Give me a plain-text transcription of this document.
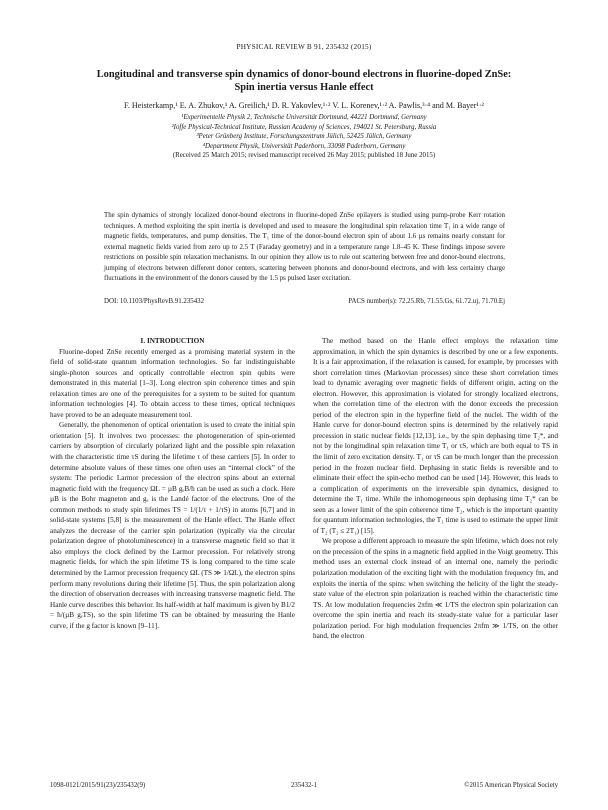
PHYSICAL REVIEW B 91, 235432 (2015)
Longitudinal and transverse spin dynamics of donor-bound electrons in fluorine-doped ZnSe:
Spin inertia versus Hanle effect
F. Heisterkamp,¹ E. A. Zhukov,¹ A. Greilich,¹ D. R. Yakovlev,¹·² V. L. Korenev,¹·² A. Pawlis,³·⁴ and M. Bayer¹·²
¹Experimentelle Physik 2, Technische Universität Dortmund, 44221 Dortmund, Germany
²Ioffe Physical-Technical Institute, Russian Academy of Sciences, 194021 St. Petersburg, Russia
³Peter Grünberg Institute, Forschungszentrum Jülich, 52425 Jülich, Germany
⁴Department Physik, Universität Paderborn, 33098 Paderborn, Germany
(Received 25 March 2015; revised manuscript received 26 May 2015; published 18 June 2015)
The spin dynamics of strongly localized donor-bound electrons in fluorine-doped ZnSe epilayers is studied using pump-probe Kerr rotation techniques. A method exploiting the spin inertia is developed and used to measure the longitudinal spin relaxation time T₁ in a wide range of magnetic fields, temperatures, and pump densities. The T₁ time of the donor-bound electron spin of about 1.6 µs remains nearly constant for external magnetic fields varied from zero up to 2.5 T (Faraday geometry) and in a temperature range 1.8–45 K. These findings impose severe restrictions on possible spin relaxation mechanisms. In our opinion they allow us to rule out scattering between free and donor-bound electrons, jumping of electrons between different donor centers, scattering between phonons and donor-bound electrons, and with less certainty charge fluctuations in the environment of the donors caused by the 1.5 ps pulsed laser excitation.
DOI: 10.1103/PhysRevB.91.235432	PACS number(s): 72.25.Rb, 71.55.Gs, 61.72.uj, 71.70.Ej

I. INTRODUCTION

Fluorine-doped ZnSe recently emerged as a promising material system in the field of solid-state quantum information technologies. So far indistinguishable single-photon sources and optically controllable electron spin qubits were demonstrated in this material [1–3]. Long electron spin coherence times and spin relaxation times are one of the prerequisites for a system to be suited for quantum information technologies [4]. To obtain access to these times, optical techniques have proved to be an adequate measurement tool.

Generally, the phenomenon of optical orientation is used to create the initial spin orientation [5]. It involves two processes: the photogeneration of spin-oriented carriers by absorption of circularly polarized light and the possible spin relaxation with the characteristic time τS during the lifetime τ of these carriers [5]. In order to determine absolute values of these times one often uses an “internal clock” of the system: The periodic Larmor precession of the electron spins about an external magnetic field with the frequency ΩL = µB gₑB/ħ can be used as such a clock. Here µB is the Bohr magneton and gₑ is the Landé factor of the electrons. One of the common methods to study spin lifetimes TS = 1/(1/τ + 1/τS) in atoms [6,7] and in solid-state systems [5,8] is the measurement of the Hanle effect. The Hanle effect analyzes the decrease of the carrier spin polarization (typically via the circular polarization degree of photoluminescence) in a transverse magnetic field so that it also employs the clock defined by the Larmor precession. For relatively strong magnetic fields, for which the spin lifetime TS is long compared to the time scale determined by the Larmor precession frequency ΩL (TS ≫ 1/ΩL), the electron spins perform many revolutions during their lifetime [5]. Thus, the spin polarization along the direction of observation decreases with increasing transverse magnetic field. The Hanle curve describes this behavior. Its half-width at half maximum is given by B1/2 = ħ/(µB gₑTS), so the spin lifetime TS can be obtained by measuring the Hanle curve, if the g factor is known [9–11].

The method based on the Hanle effect employs the relaxation time approximation, in which the spin dynamics is described by one or a few exponents. It is a fair approximation, if the relaxation is caused, for example, by processes with short correlation times (Markovian processes) since these short correlation times lead to dynamic averaging over magnetic fields of different origin, acting on the electron. However, this approximation is violated for strongly localized electrons, when the correlation time of the electron with the donor exceeds the precession period of the electron spin in the hyperfine field of the nuclei. The width of the Hanle curve for donor-bound electron spins is determined by the relatively rapid precession in static nuclear fields [12,13], i.e., by the spin dephasing time T₂*, and not by the longitudinal spin relaxation time T₁ or τS, which are both equal to TS in the limit of zero excitation density. T₁ or τS can be much longer than the precession period in the frozen nuclear field. Dephasing in static fields is reversible and to eliminate their effect the spin-echo method can be used [14]. However, this leads to a complication of experiments on the irreversible spin dynamics, designed to determine the T₁ time. While the inhomogeneous spin dephasing time T₂* can be seen as a lower limit of the spin coherence time T₂, which is the important quantity for quantum information technologies, the T₁ time is used to estimate the upper limit of T₂ (T₂ ≤ 2T₁) [15].

We propose a different approach to measure the spin lifetime, which does not rely on the precession of the spins in a magnetic field applied in the Voigt geometry. This method uses an external clock instead of an internal one, namely the periodic polarization modulation of the exciting light with the modulation frequency fm, and exploits the inertia of the spins: when switching the helicity of the light the steady-state value of the electron spin polarization is reached within the characteristic time TS. At low modulation frequencies 2πfm ≪ 1/TS the electron spin polarization can overcome the spin inertia and reach its steady-state value for a particular laser polarization period. For high modulation frequencies 2πfm ≫ 1/TS, on the other hand, the electron

1098-0121/2015/91(23)/235432(9)	235432-1	©2015 American Physical Society
